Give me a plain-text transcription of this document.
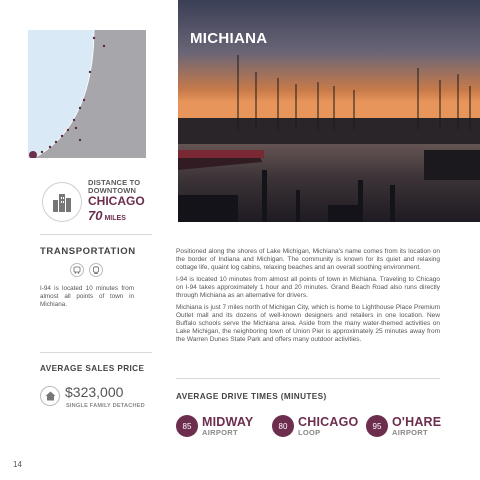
DISTANCE TO
DOWNTOWN
CHICAGO
70 MILES
TRANSPORTATION
I-94 is located 10 minutes from almost all points of town in Michiana.
AVERAGE SALES PRICE
$323,000
SINGLE FAMILY DETACHED
14
MICHIANA

Positioned along the shores of Lake Michigan, Michiana's name comes from its location on the border of Indiana and Michigan. The community is known for its quiet and relaxing cottage life, quaint log cabins, relaxing beaches and an overall soothing environment.

I-94 is located 10 minutes from almost all points of town in Michiana. Traveling to Chicago on I-94 takes approximately 1 hour and 20 minutes. Grand Beach Road also runs directly through Michiana as an alternative for drivers.

Michiana is just 7 miles north of Michigan City, which is home to Lighthouse Place Premium Outlet mall and its dozens of well-known designers and retailers in one location. New Buffalo schools serve the Michiana area. Aside from the many water-themed activities on Lake Michigan, the neighboring town of Union Pier is approximately 25 minutes away from the Warren Dunes State Park and offers many outdoor activities.

AVERAGE DRIVE TIMES (MINUTES)
85 MIDWAY
AIRPORT
80 CHICAGO
LOOP
95 O'HARE
AIRPORT
